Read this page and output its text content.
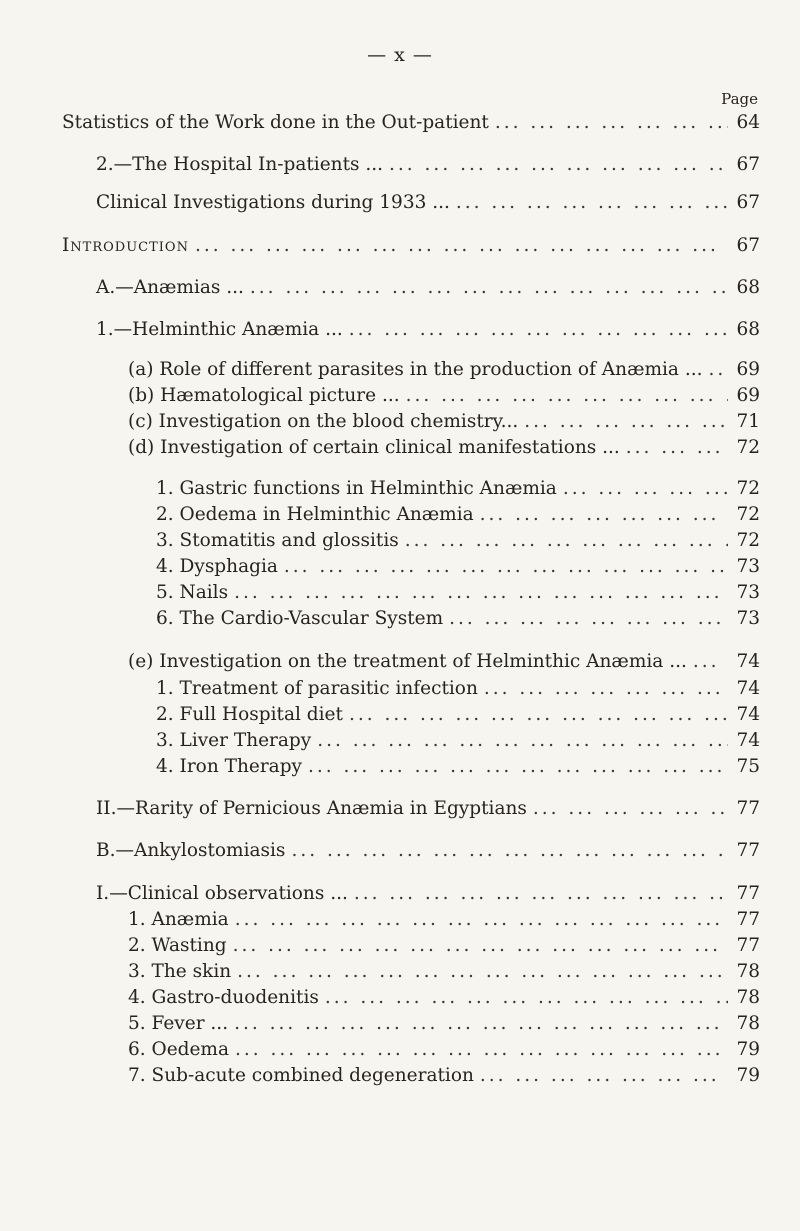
— x —
Page
Statistics of the Work done in the Out-patient ... .	64
2.—The Hospital In-patients ... ... .	67
Clinical Investigations during 1933 ... ... .	67
Introduction ... .	67
A.—Anæmias ... ... .	68
1.—Helminthic Anæmia ... ... .	68
(a) Role of different parasites in the production of Anæmia ... ... .	69
(b) Hæmatological picture ... ... .	69
(c) Investigation on the blood chemistry... ... .	71
(d) Investigation of certain clinical manifestations ... ... .	72
1. Gastric functions in Helminthic Anæmia ... .	72
2. Oedema in Helminthic Anæmia ... .	72
3. Stomatitis and glossitis ... .	72
4. Dysphagia ... .	73
5. Nails ... .	73
6. The Cardio-Vascular System ... .	73
(e) Investigation on the treatment of Helminthic Anæmia ... ... .	74
1. Treatment of parasitic infection ... .	74
2. Full Hospital diet ... .	74
3. Liver Therapy ... .	74
4. Iron Therapy ... .	75
II.—Rarity of Pernicious Anæmia in Egyptians ... .	77
B.—Ankylostomiasis ... .	77
I.—Clinical observations ... ... .	77
1. Anæmia ... .	77
2. Wasting ... .	77
3. The skin ... .	78
4. Gastro-duodenitis ... .	78
5. Fever ... ... .	78
6. Oedema ... .	79
7. Sub-acute combined degeneration ... .	79
